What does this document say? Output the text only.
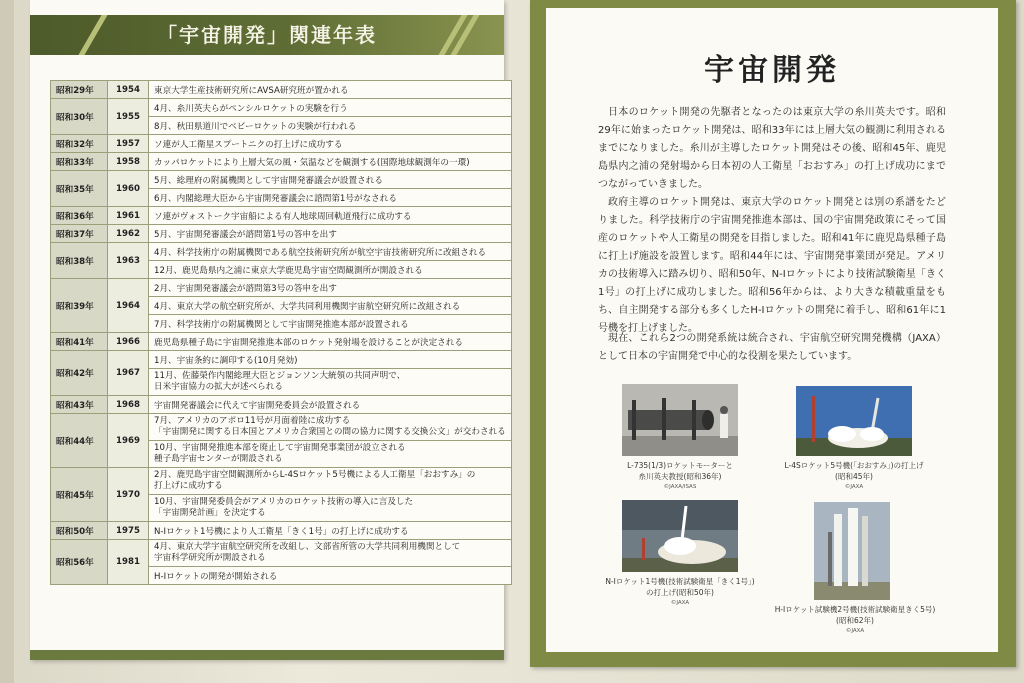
「宇宙開発」関連年表
昭和29年	1954	東京大学生産技術研究所にAVSA研究班が置かれる
昭和30年	1955	4月、糸川英夫らがペンシルロケットの実験を行う
		8月、秋田県道川でベビーロケットの実験が行われる
昭和32年	1957	ソ連が人工衛星スプートニクの打上げに成功する
昭和33年	1958	カッパロケットにより上層大気の風・気温などを観測する(国際地球観測年の一環)
昭和35年	1960	5月、総理府の附属機関として宇宙開発審議会が設置される
		6月、内閣総理大臣から宇宙開発審議会に諮問第1号がなされる
昭和36年	1961	ソ連がヴォストーク宇宙船による有人地球周回軌道飛行に成功する
昭和37年	1962	5月、宇宙開発審議会が諮問第1号の答申を出す
昭和38年	1963	4月、科学技術庁の附属機関である航空技術研究所が航空宇宙技術研究所に改組される
		12月、鹿児島県内之浦に東京大学鹿児島宇宙空間観測所が開設される
昭和39年	1964	2月、宇宙開発審議会が諮問第3号の答申を出す
		4月、東京大学の航空研究所が、大学共同利用機関宇宙航空研究所に改組される
		7月、科学技術庁の附属機関として宇宙開発推進本部が設置される
昭和41年	1966	鹿児島県種子島に宇宙開発推進本部のロケット発射場を設けることが決定される
昭和42年	1967	1月、宇宙条約に調印する(10月発効)
		11月、佐藤榮作内閣総理大臣とジョンソン大統領の共同声明で、
日米宇宙協力の拡大が述べられる
昭和43年	1968	宇宙開発審議会に代えて宇宙開発委員会が設置される
昭和44年	1969	7月、アメリカのアポロ11号が月面着陸に成功する
「宇宙開発に関する日本国とアメリカ合衆国との間の協力に関する交換公文」が交わされる
		10月、宇宙開発推進本部を廃止して宇宙開発事業団が設立される
種子島宇宙センターが開設される
昭和45年	1970	2月、鹿児島宇宙空間観測所からL-4Sロケット5号機による人工衛星「おおすみ」の
打上げに成功する
		10月、宇宙開発委員会がアメリカのロケット技術の導入に言及した
「宇宙開発計画」を決定する
昭和50年	1975	N-Iロケット1号機により人工衛星「きく1号」の打上げに成功する
昭和56年	1981	4月、東京大学宇宙航空研究所を改組し、文部省所管の大学共同利用機関として
宇宙科学研究所が開設される
		H-Iロケットの開発が開始される
宇宙開発
日本のロケット開発の先駆者となったのは東京大学の糸川英夫です。昭和29年に始まったロケット開発は、昭和33年には上層大気の観測に利用されるまでになりました。糸川が主導したロケット開発はその後、昭和45年、鹿児島県内之浦の発射場から日本初の人工衛星「おおすみ」の打上げ成功にまでつながっていきました。
政府主導のロケット開発は、東京大学のロケット開発とは別の系譜をたどりました。科学技術庁の宇宙開発推進本部は、国の宇宙開発政策にそって国産のロケットや人工衛星の開発を目指しました。昭和41年に鹿児島県種子島に打上げ施設を設置します。昭和44年には、宇宙開発事業団が発足。アメリカの技術導入に踏み切り、昭和50年、N-Iロケットにより技術試験衛星「きく1号」の打上げに成功しました。昭和56年からは、より大きな積載重量をもち、自主開発する部分も多くしたH-Iロケットの開発に着手し、昭和61年に1号機を打上げました。
現在、これら2つの開発系統は統合され、宇宙航空研究開発機構（JAXA）として日本の宇宙開発で中心的な役割を果たしています。
L-735(1/3)ロケットモーターと
糸川英夫教授(昭和36年)
©JAXA/ISAS
L-4Sロケット5号機(「おおすみ」)の打上げ
(昭和45年)
©JAXA
N-Iロケット1号機(技術試験衛星「きく1号」)
の打上げ(昭和50年)
©JAXA
H-Iロケット試験機2号機(技術試験衛星きく5号)
(昭和62年)
©JAXA
